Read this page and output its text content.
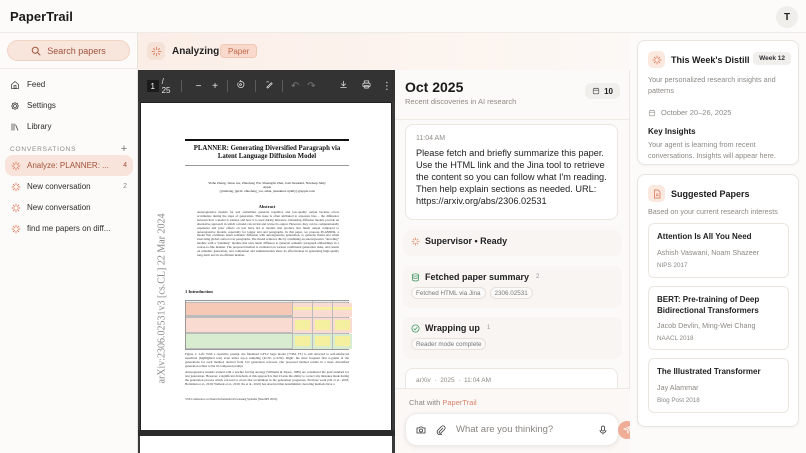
PaperTrail	T
Search papers
Feed
Settings
Library
CONVERSATIONS	+
Analyze: PLANNER: ...	4
New conversation	2
New conversation
find me papers on diff...
Analyzing	Paper
1 / 25	−	+	↶ ↷	⋮
arXiv:2306.02531v3 [cs.CL] 22 Mar 2024
PLANNER: Generating Diversified Paragraph via
Latent Language Diffusion Model
Yizhe Zhang, Jiatao Gu, Zhuofeng Wu, Shuangfei Zhai, Josh Susskind, Navdeep Jaitly
Apple
{yizzhang, jgu32, zhuofeng_wu, szhai, jsusskind, njaitly}@apple.com
Abstract
Autoregressive models for text sometimes generate repetitive and low-quality output because errors accumulate during the steps of generation. This issue is often attributed to exposure bias – the difference between how a model is trained, and how it is used during inference. Denoising diffusion models provide an alternative approach in which a model can revisit and revise its output. However, they can be computationally expensive and prior efforts on text have led to models that produce less fluent output compared to autoregressive models, especially for longer text and paragraphs. In this paper, we propose PLANNER, a model that combines latent semantic diffusion with autoregressive generation, to generate fluent text while exercising global control over paragraphs. The model achieves this by combining an autoregressive "decoding" module with a "planning" module that uses latent diffusion to generate semantic paragraph embeddings in a coarse-to-fine manner. The proposed method is evaluated on various conditional generation tasks, and results on semantic generation, text completion and summarization show its effectiveness in generating high-quality long-form text in an efficient manner.
1 Introduction
Figure 1: Left: With a repetitive prompt, the finetuned GPT-2 large model (774M, FT) is still attracted to self-reinforced repetition (highlighted text) even under top-p sampling (K=50, p=0.92). Right: the most frequent first n-grams of the generations for each method, derived from 512 generation roll-outs. Our proposed method results in a more diversified generation robust to the ill-composed prompt.
Autoregressive models trained with a teacher forcing strategy (Williams & Zipser, 1989) are considered the gold standard for text generation. However, a significant drawback of this approach is that it lacks the ability to correct any mistakes made during the generation process which can lead to errors that accumulate as the generation progresses. Previous work (Ott et al., 2018; Holtzman et al., 2019; Welleck et al., 2019; Xu et al., 2022) has observed that deterministic decoding methods have a
37th Conference on Neural Information Processing Systems (NeurIPS 2023).
Oct 2025
Recent discoveries in AI research
10
11:04 AM
Please fetch and briefly summarize this paper. Use the HTML link and the Jina tool to retrieve the content so you can follow what I'm reading. Then help explain sections as needed. URL: https://arxiv.org/abs/2306.02531
Supervisor • Ready
Fetched paper summary 2
Fetched HTML via Jina	2306.02531
Wrapping up 1
Reader mode complete
arXiv  ·  2025  ·  11:04 AM
Chat with PaperTrail
What are you thinking?
This Week's Distill	Week 12
Your personalized research insights and patterns
October 20–26, 2025
Key Insights
Your agent is learning from recent conversations. Insights will appear here.
Suggested Papers
Based on your current research interests
Attention Is All You Need
Ashish Vaswani, Noam Shazeer
NIPS 2017
BERT: Pre-training of Deep Bidirectional Transformers
Jacob Devlin, Ming-Wei Chang
NAACL 2018
The Illustrated Transformer
Jay Alammar
Blog Post 2018
